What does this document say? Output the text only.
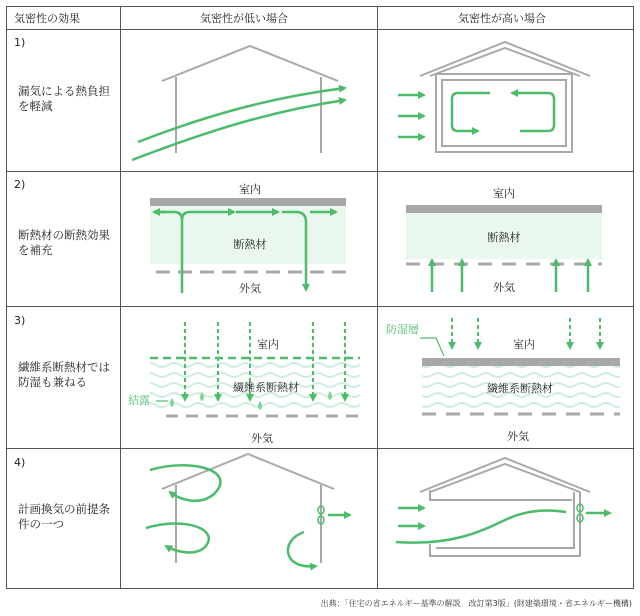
気密性の効果	気密性が低い場合	気密性が高い場合
1)
漏気による熱負担を軽減
2)
断熱材の断熱効果を補充
3)
繊維系断熱材では防湿も兼ねる
4)
計画換気の前提条件の一つ
室内
断熱材
外気
室内
断熱材
外気
室内
繊維系断熱材
外気
結露
室内
繊維系断熱材
外気
防湿層
出典：「住宅の省エネルギー基準の解説　改訂第3版」(財建築環境・省エネルギー機構)
